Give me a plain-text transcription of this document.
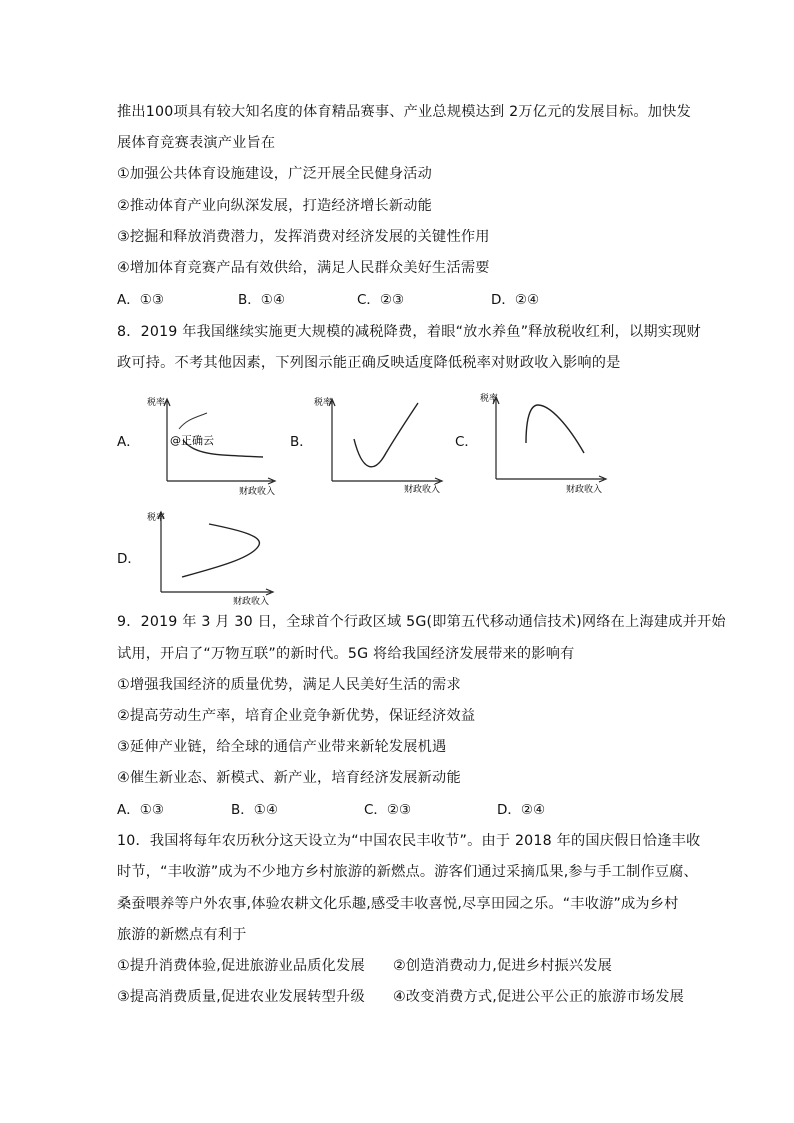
推出100项具有较大知名度的体育精品赛事、产业总规模达到 2万亿元的发展目标。加快发
展体育竞赛表演产业旨在
①加强公共体育设施建设，广泛开展全民健身活动
②推动体育产业向纵深发展，打造经济增长新动能
③挖掘和释放消费潜力，发挥消费对经济发展的关键性作用
④增加体育竞赛产品有效供给，满足人民群众美好生活需要
A．①③	B．①④	C．②③	D．②④
8．2019 年我国继续实施更大规模的减税降费，着眼“放水养鱼”释放税收红利，以期实现财
政可持。不考其他因素，下列图示能正确反映适度降低税率对财政收入影响的是
A．	B．	C．
D．
税率
@正确云
财政收入
税率
财政收入
税率
财政收入
税率
财政收入
9．2019 年 3 月 30 日，全球首个行政区域 5G(即第五代移动通信技术)网络在上海建成并开始
试用，开启了“万物互联”的新时代。5G 将给我国经济发展带来的影响有
①增强我国经济的质量优势，满足人民美好生活的需求
②提高劳动生产率，培育企业竞争新优势，保证经济效益
③延伸产业链，给全球的通信产业带来新轮发展机遇
④催生新业态、新模式、新产业，培育经济发展新动能
A．①③	B．①④	C．②③	D．②④
10．我国将每年农历秋分这天设立为“中国农民丰收节”。由于 2018 年的国庆假日恰逢丰收
时节，“丰收游”成为不少地方乡村旅游的新燃点。游客们通过采摘瓜果,参与手工制作豆腐、
桑蚕喂养等户外农事,体验农耕文化乐趣,感受丰收喜悦,尽享田园之乐。“丰收游”成为乡村
旅游的新燃点有利于
①提升消费体验,促进旅游业品质化发展 ②创造消费动力,促进乡村振兴发展
③提高消费质量,促进农业发展转型升级 ④改变消费方式,促进公平公正的旅游市场发展
